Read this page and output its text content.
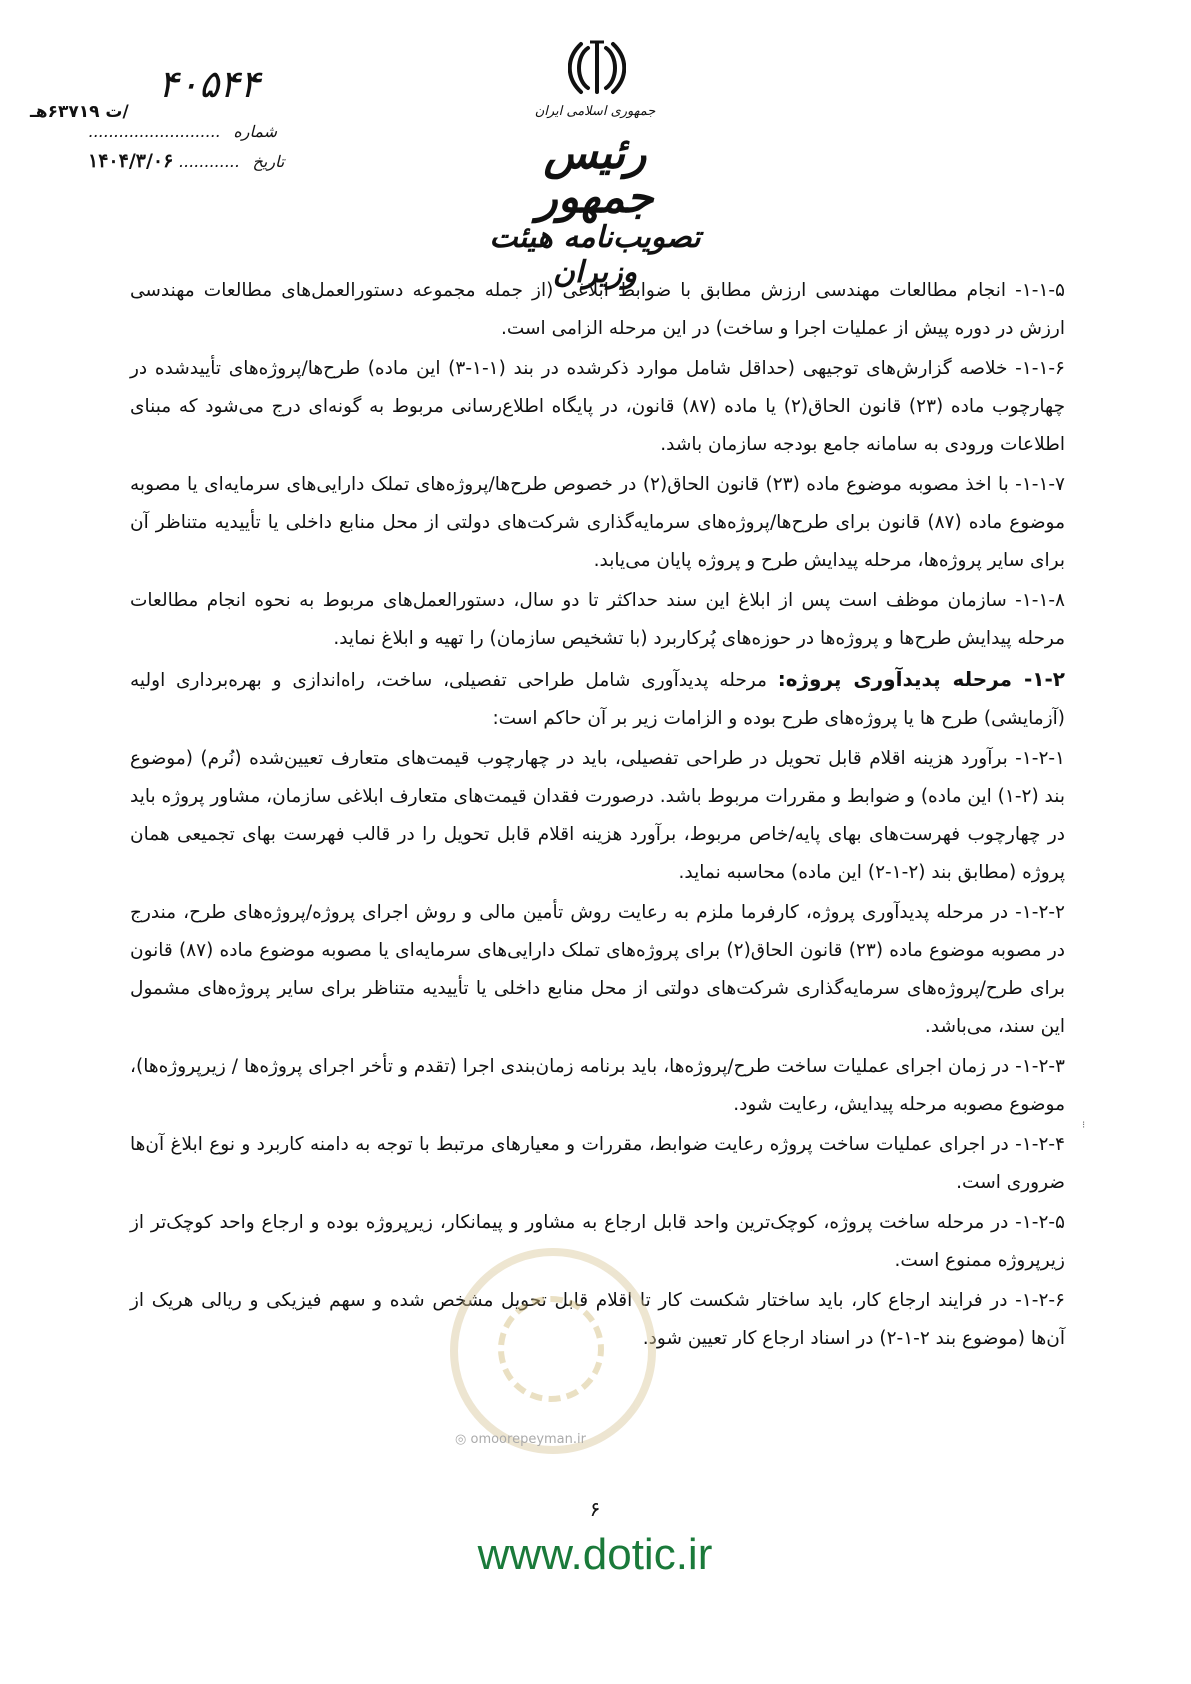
جمهوری اسلامی ایران
رئیس جمهور
تصویب‌نامه هیئت وزیران
۴۰۵۴۴
/ت ۶۳۷۱۹هـ
شماره ..........................
تاریخ ............ ۱۴۰۴/۳/۰۶

۱-۱-۵- انجام مطالعات مهندسی ارزش مطابق با ضوابط ابلاغی (از جمله مجموعه دستورالعمل‌های مطالعات مهندسی ارزش در دوره پیش از عملیات اجرا و ساخت) در این مرحله الزامی است.

۱-۱-۶- خلاصه گزارش‌های توجیهی (حداقل شامل موارد ذکرشده در بند (۱-۱-۳) این ماده) طرح‌ها/پروژه‌های تأییدشده در چهارچوب ماده (۲۳) قانون الحاق(۲) یا ماده (۸۷) قانون، در پایگاه اطلاع‌رسانی مربوط به گونه‌ای درج می‌شود که مبنای اطلاعات ورودی به سامانه جامع بودجه سازمان باشد.

۱-۱-۷- با اخذ مصوبه موضوع ماده (۲۳) قانون الحاق(۲) در خصوص طرح‌ها/پروژه‌های تملک دارایی‌های سرمایه‌ای یا مصوبه موضوع ماده (۸۷) قانون برای طرح‌ها/پروژه‌های سرمایه‌گذاری شرکت‌های دولتی از محل منابع داخلی یا تأییدیه متناظر آن برای سایر پروژه‌ها، مرحله پیدایش طرح و پروژه پایان می‌یابد.

۱-۱-۸- سازمان موظف است پس از ابلاغ این سند حداکثر تا دو سال، دستورالعمل‌های مربوط به نحوه انجام مطالعات مرحله پیدایش طرح‌ها و پروژه‌ها در حوزه‌های پُرکاربرد (با تشخیص سازمان) را تهیه و ابلاغ نماید.

۱-۲- مرحله پدیدآوری پروژه: مرحله پدیدآوری شامل طراحی تفصیلی، ساخت، راه‌اندازی و بهره‌برداری اولیه (آزمایشی) طرح ها یا پروژه‌های طرح بوده و الزامات زیر بر آن حاکم است:

۱-۲-۱- برآورد هزینه اقلام قابل تحویل در طراحی تفصیلی، باید در چهارچوب قیمت‌های متعارف تعیین‌شده (نُرم) (موضوع بند (۲-۱) این ماده) و ضوابط و مقررات مربوط باشد. درصورت فقدان قیمت‌های متعارف ابلاغی سازمان، مشاور پروژه باید در چهارچوب فهرست‌های بهای پایه/خاص مربوط، برآورد هزینه اقلام قابل تحویل را در قالب فهرست بهای تجمیعی همان پروژه (مطابق بند (۲-۱-۲) این ماده) محاسبه نماید.

۱-۲-۲- در مرحله پدیدآوری پروژه، کارفرما ملزم به رعایت روش تأمین مالی و روش اجرای پروژه/پروژه‌های طرح، مندرج در مصوبه موضوع ماده (۲۳) قانون الحاق(۲) برای پروژه‌های تملک دارایی‌های سرمایه‌ای یا مصوبه موضوع ماده (۸۷) قانون برای طرح/پروژه‌های سرمایه‌گذاری شرکت‌های دولتی از محل منابع داخلی یا تأییدیه متناظر برای سایر پروژه‌های مشمول این سند، می‌باشد.

۱-۲-۳- در زمان اجرای عملیات ساخت طرح/پروژه‌ها، باید برنامه زمان‌بندی اجرا (تقدم و تأخر اجرای پروژه‌ها / زیرپروژه‌ها)، موضوع مصوبه مرحله پیدایش، رعایت شود.

۱-۲-۴- در اجرای عملیات ساخت پروژه رعایت ضوابط، مقررات و معیارهای مرتبط با توجه به دامنه کاربرد و نوع ابلاغ آن‌ها ضروری است.

۱-۲-۵- در مرحله ساخت پروژه، کوچک‌ترین واحد قابل ارجاع به مشاور و پیمانکار، زیرپروژه بوده و ارجاع واحد کوچک‌تر از زیرپروژه ممنوع است.

۱-۲-۶- در فرایند ارجاع کار، باید ساختار شکست کار تا اقلام قابل تحویل مشخص شده و سهم فیزیکی و ریالی هریک از آن‌ها (موضوع بند ۲-۱-۲) در اسناد ارجاع کار تعیین شود.

◎ omoorepeyman.ir
⁝
۶
www.dotic.ir
